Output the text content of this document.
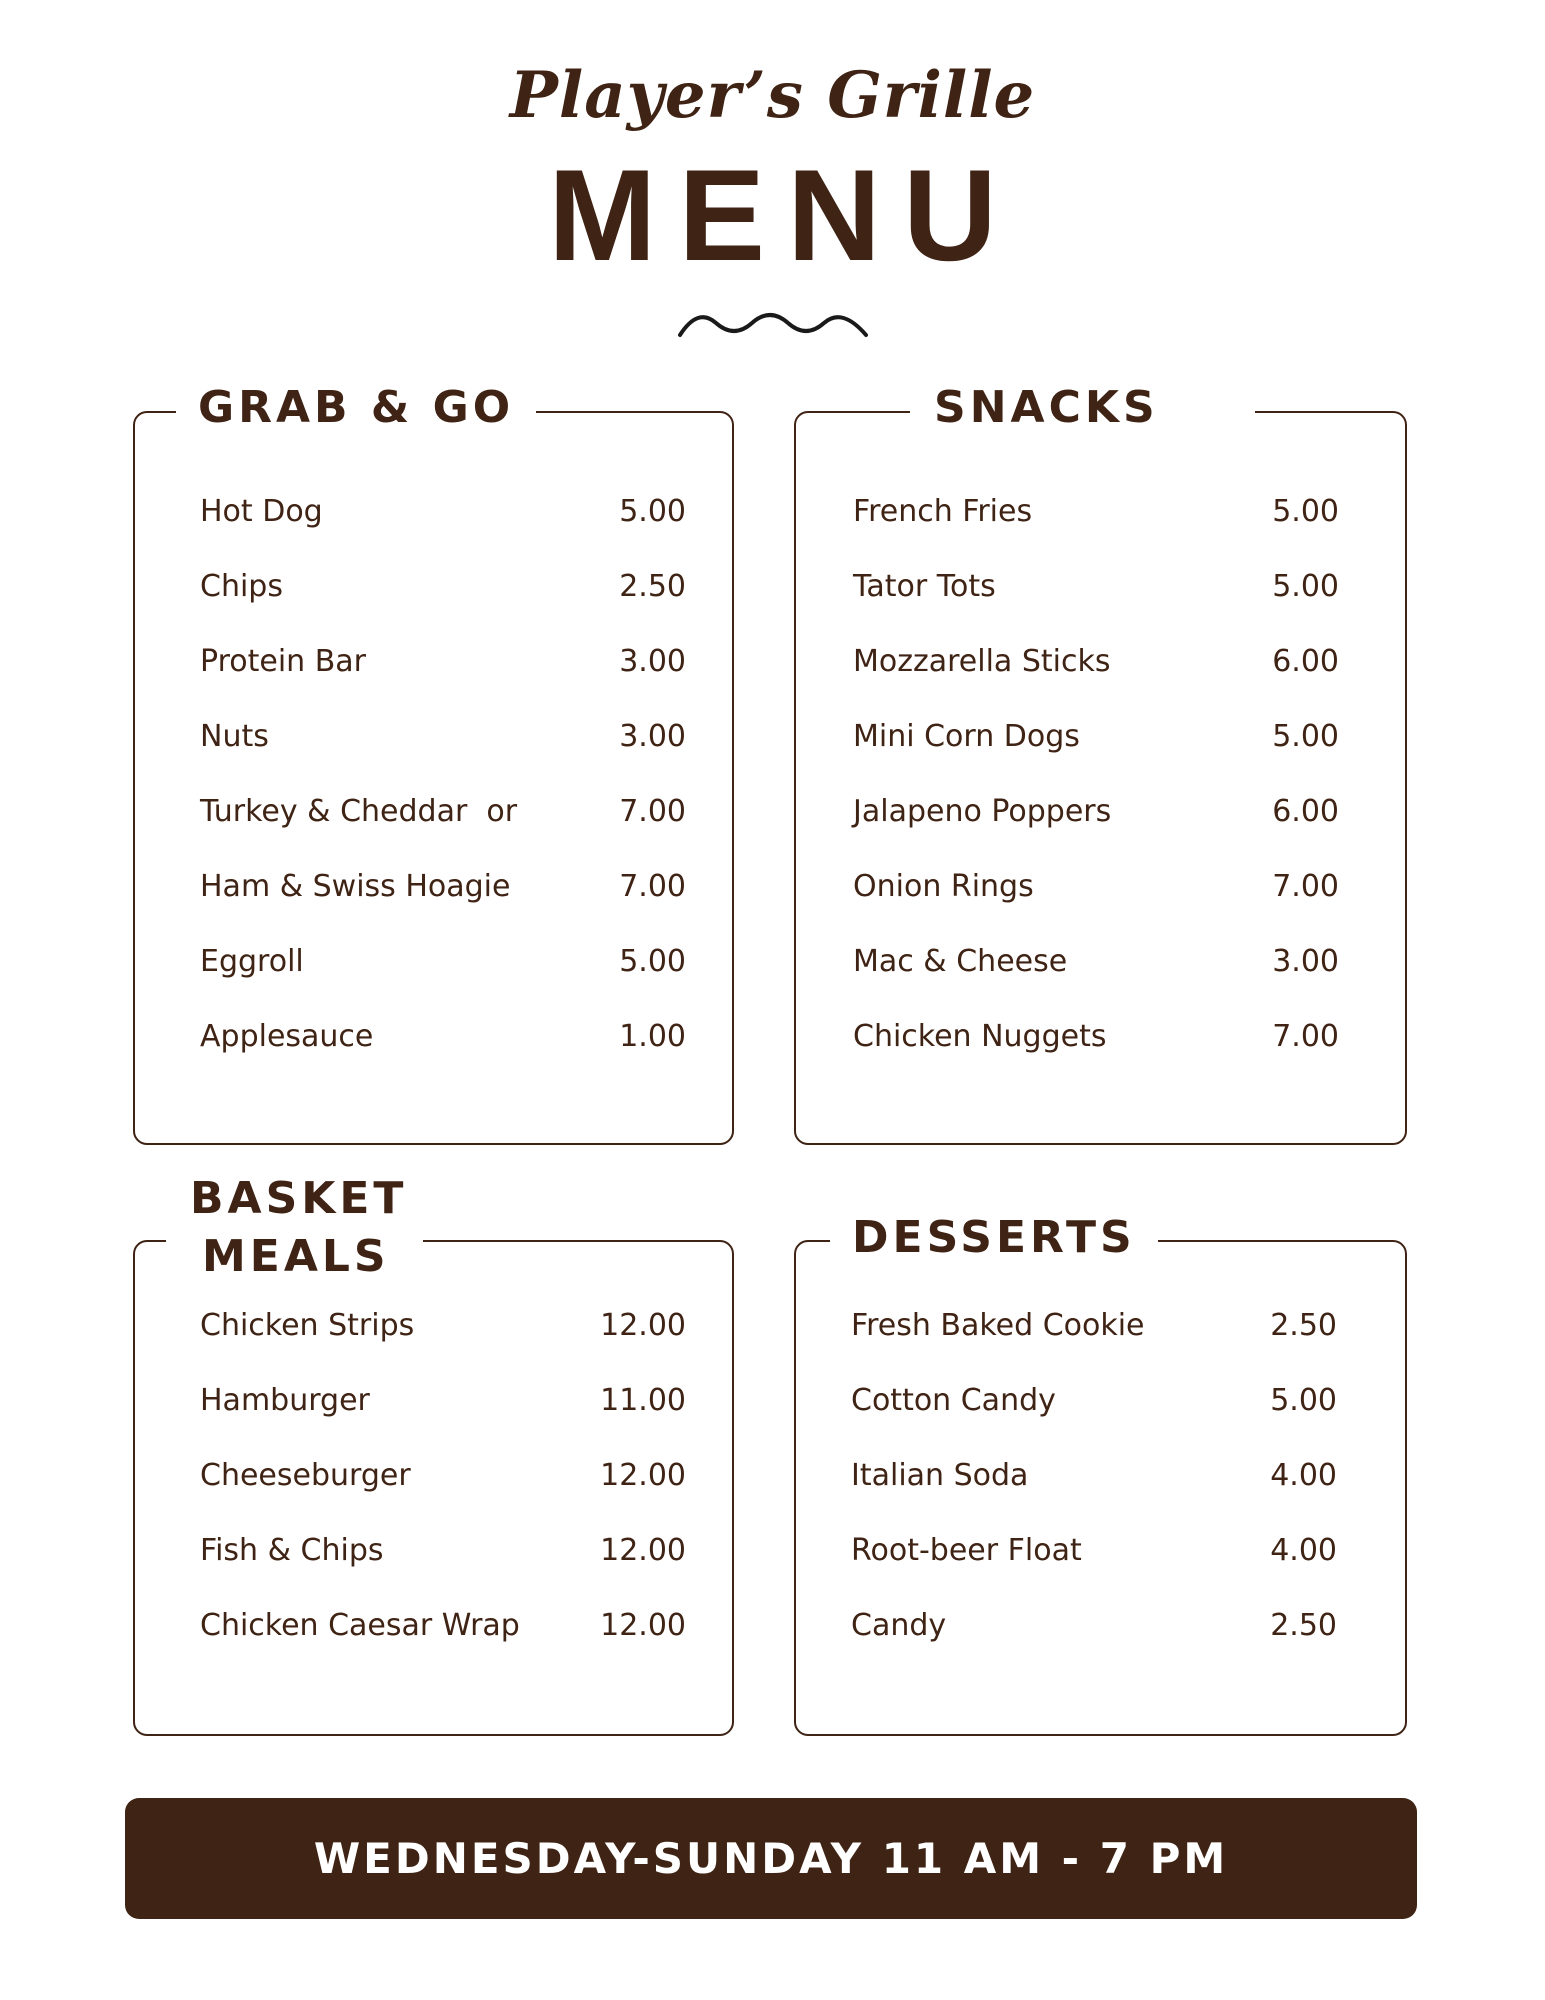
Player’s Grille
MENU
GRAB & GO
Hot Dog	5.00
Chips	2.50
Protein Bar	3.00
Nuts	3.00
Turkey & Cheddar  or	7.00
Ham & Swiss Hoagie	7.00
Eggroll	5.00
Applesauce	1.00
SNACKS
French Fries	5.00
Tator Tots	5.00
Mozzarella Sticks	6.00
Mini Corn Dogs	5.00
Jalapeno Poppers	6.00
Onion Rings	7.00
Mac & Cheese	3.00
Chicken Nuggets	7.00
BASKET
MEALS
Chicken Strips	12.00
Hamburger	11.00
Cheeseburger	12.00
Fish & Chips	12.00
Chicken Caesar Wrap	12.00
DESSERTS
Fresh Baked Cookie	2.50
Cotton Candy	5.00
Italian Soda	4.00
Root-beer Float	4.00
Candy	2.50
WEDNESDAY-SUNDAY 11 AM - 7 PM
